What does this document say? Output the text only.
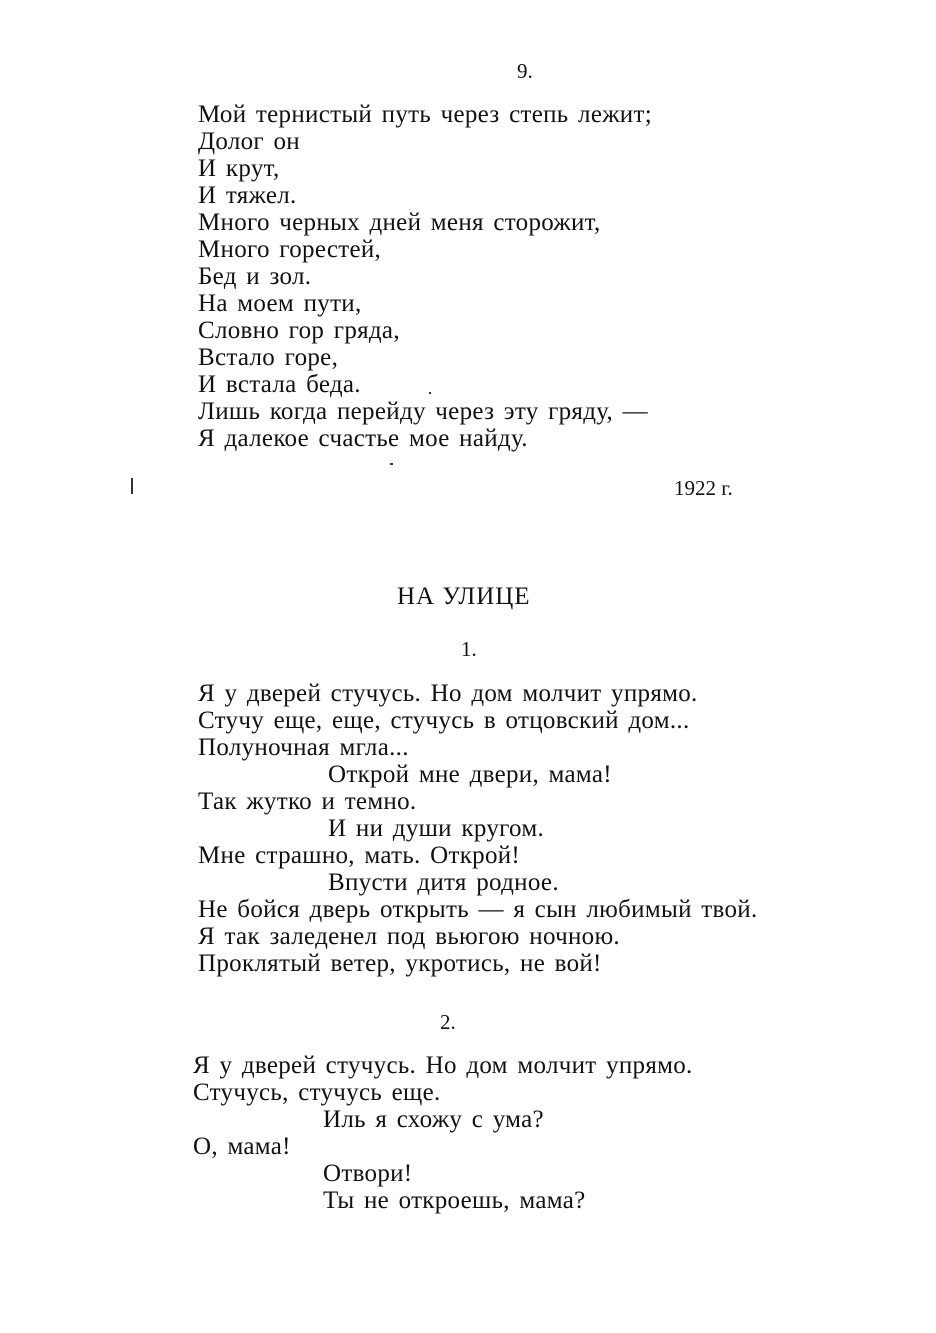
9.
Мой тернистый путь через степь лежит;
Долог он
И крут,
И тяжел.
Много черных дней меня сторожит,
Много горестей,
Бед и зол.
На моем пути,
Словно гор гряда,
Встало горе,
И встала беда.
Лишь когда перейду через эту гряду, —
Я далекое счастье мое найду.
1922 г.
НА УЛИЦЕ
1.
Я у дверей стучусь. Но дом молчит упрямо.
Стучу еще, еще, стучусь в отцовский дом...
Полуночная мгла...
Открой мне двери, мама!
Так жутко и темно.
И ни души кругом.
Мне страшно, мать. Открой!
Впусти дитя родное.
Не бойся дверь открыть — я сын любимый твой.
Я так заледенел под вьюгою ночною.
Проклятый ветер, укротись, не вой!
2.
Я у дверей стучусь. Но дом молчит упрямо.
Стучусь, стучусь еще.
Иль я схожу с ума?
О, мама!
Отвори!
Ты не откроешь, мама?
